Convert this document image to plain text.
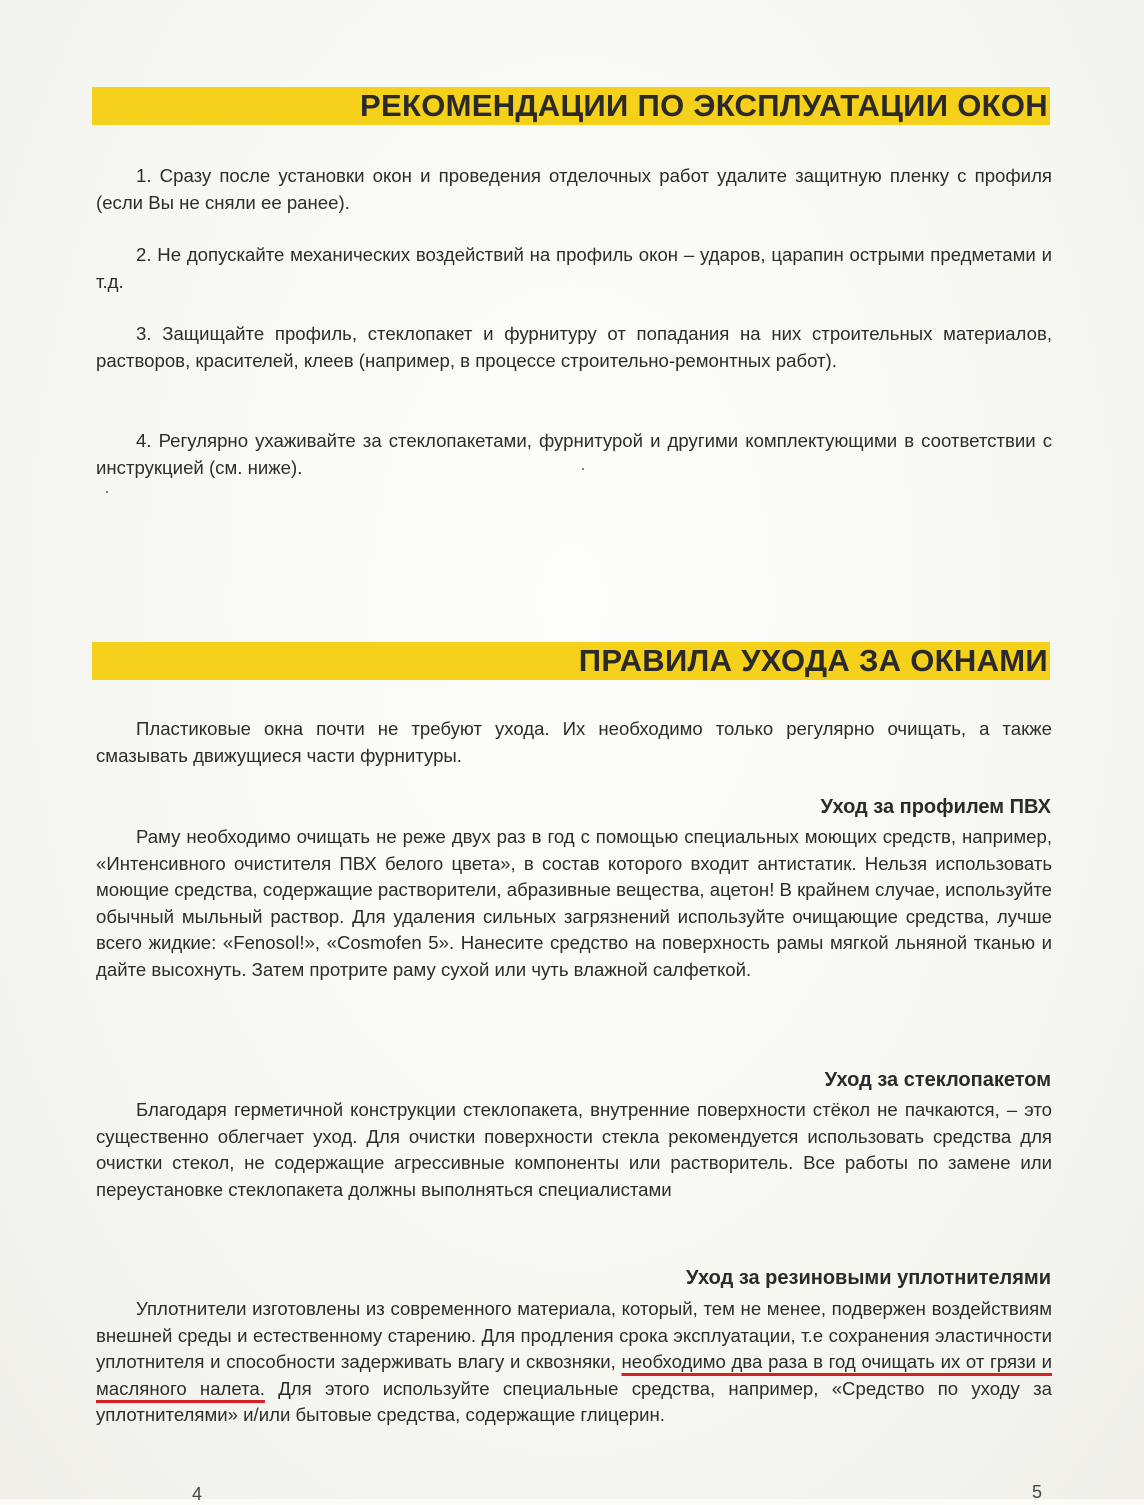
РЕКОМЕНДАЦИИ ПО ЭКСПЛУАТАЦИИ ОКОН

1. Сразу после установки окон и проведения отделочных работ удалите защитную пленку с профиля (если Вы не сняли ее ранее).

2. Не допускайте механических воздействий на профиль окон – ударов, царапин острыми предметами и т.д.

3. Защищайте профиль, стеклопакет и фурнитуру от попадания на них строительных материалов, растворов, красителей, клеев (например, в процессе строительно-ремонтных работ).

4. Регулярно ухаживайте за стеклопакетами, фурнитурой и другими комплектующими в соответствии с инструкцией (см. ниже).

ПРАВИЛА УХОДА ЗА ОКНАМИ

Пластиковые окна почти не требуют ухода. Их необходимо только регулярно очищать, а также смазывать движущиеся части фурнитуры.

Уход за профилем ПВХ

Раму необходимо очищать не реже двух раз в год с помощью специальных моющих средств, например, «Интенсивного очистителя ПВХ белого цвета», в состав которого входит антистатик. Нельзя использовать моющие средства, содержащие растворители, абразивные вещества, ацетон! В крайнем случае, используйте обычный мыльный раствор. Для удаления сильных загрязнений используйте очищающие средства, лучше всего жидкие: «Fenosol!», «Cosmofen 5». Нанесите средство на поверхность рамы мягкой льняной тканью и дайте высохнуть. Затем протрите раму сухой или чуть влажной салфеткой.

Уход за стеклопакетом

Благодаря герметичной конструкции стеклопакета, внутренние поверхности стёкол не пачкаются, – это существенно облегчает уход. Для очистки поверхности стекла рекомендуется использовать средства для очистки стекол, не содержащие агрессивные компоненты или растворитель. Все работы по замене или переустановке стеклопакета должны выполняться специалистами

Уход за резиновыми уплотнителями

Уплотнители изготовлены из современного материала, который, тем не менее, подвержен воздействиям внешней среды и естественному старению. Для продления срока эксплуатации, т.е сохранения эластичности уплотнителя и способности задерживать влагу и сквозняки, необходимо два раза в год очищать их от грязи и масляного налета. Для этого используйте специальные средства, например, «Средство по уходу за уплотнителями» и/или бытовые средства, содержащие глицерин.

4	5
